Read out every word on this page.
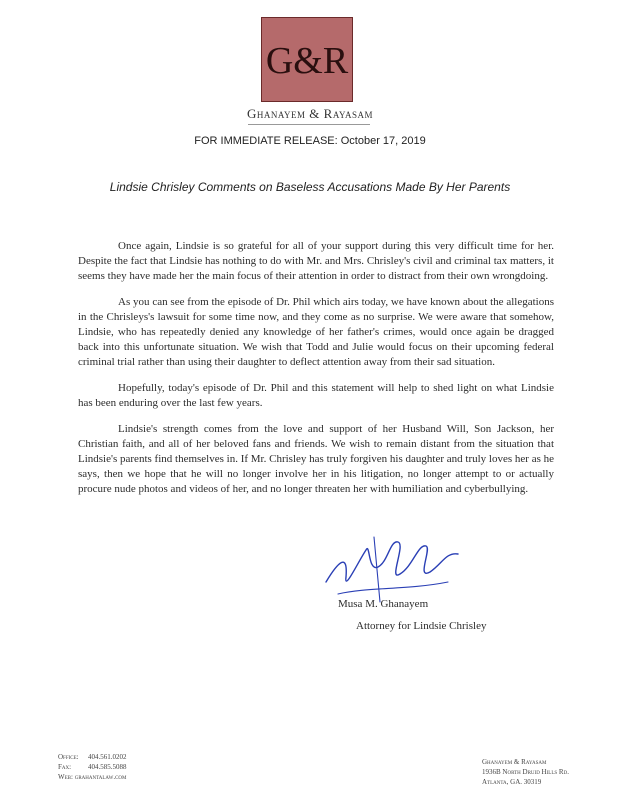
G&R
Ghanayem & Rayasam
FOR IMMEDIATE RELEASE: October 17, 2019
Lindsie Chrisley Comments on Baseless Accusations Made By Her Parents

Once again, Lindsie is so grateful for all of your support during this very difficult time for her. Despite the fact that Lindsie has nothing to do with Mr. and Mrs. Chrisley's civil and criminal tax matters, it seems they have made her the main focus of their attention in order to distract from their own wrongdoing.

As you can see from the episode of Dr. Phil which airs today, we have known about the allegations in the Chrisleys's lawsuit for some time now, and they come as no surprise. We were aware that somehow, Lindsie, who has repeatedly denied any knowledge of her father's crimes, would once again be dragged back into this unfortunate situation. We wish that Todd and Julie would focus on their upcoming federal criminal trial rather than using their daughter to deflect attention away from their sad situation.

Hopefully, today's episode of Dr. Phil and this statement will help to shed light on what Lindsie has been enduring over the last few years.

Lindsie's strength comes from the love and support of her Husband Will, Son Jackson, her Christian faith, and all of her beloved fans and friends. We wish to remain distant from the situation that Lindsie's parents find themselves in. If Mr. Chrisley has truly forgiven his daughter and truly loves her as he says, then we hope that he will no longer involve her in his litigation, no longer attempt to or actually procure nude photos and videos of her, and no longer threaten her with humiliation and cyberbullying.

Musa M. Ghanayem
Attorney for Lindsie Chrisley
Office:	404.561.0202
Fax:	404.585.5088
Web:
grahantalaw.com
Ghanayem & Rayasam
1936B North Druid Hills Rd.
Atlanta, GA. 30319
